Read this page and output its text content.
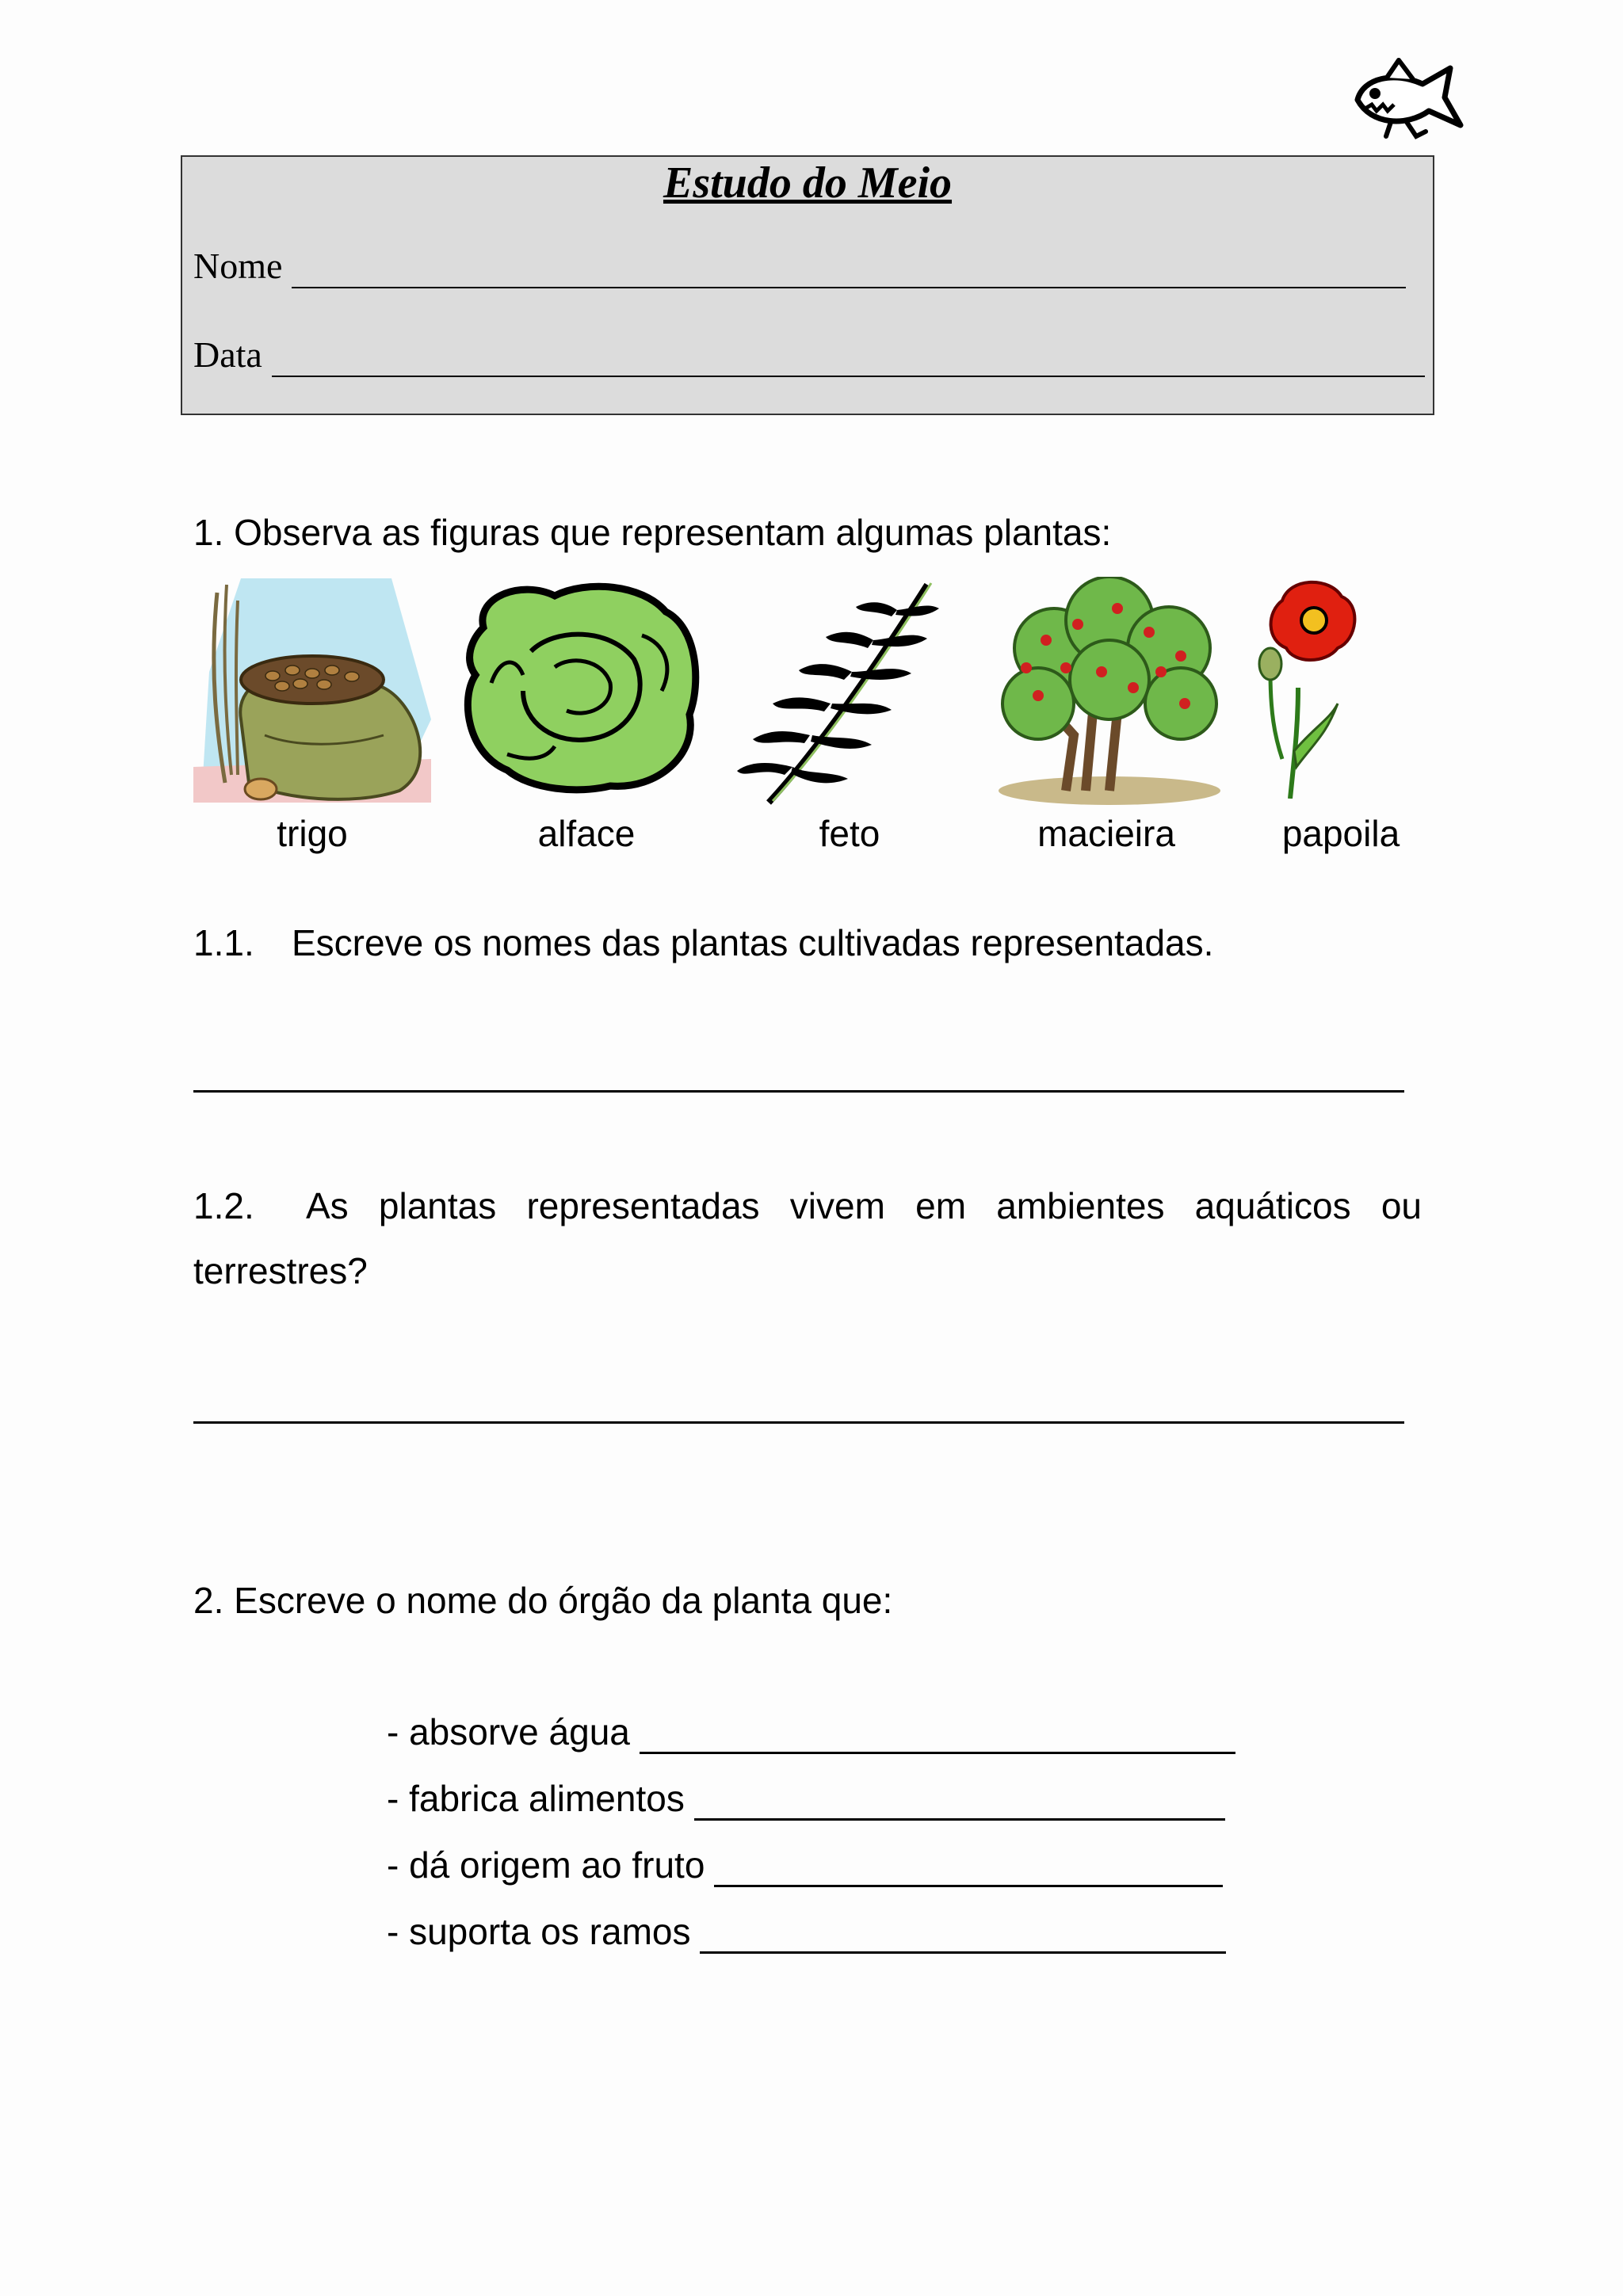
Estudo do Meio
Nome
Data
1. Observa as figuras que representam algumas plantas:
trigo	alface	feto	macieira	papoila
1.1. Escreve os nomes das plantas cultivadas representadas.
1.2. As plantas representadas vivem em ambientes aquáticos ou
terrestres?
2. Escreve o nome do órgão da planta que:
- absorve água
- fabrica alimentos
- dá origem ao fruto
- suporta os ramos
